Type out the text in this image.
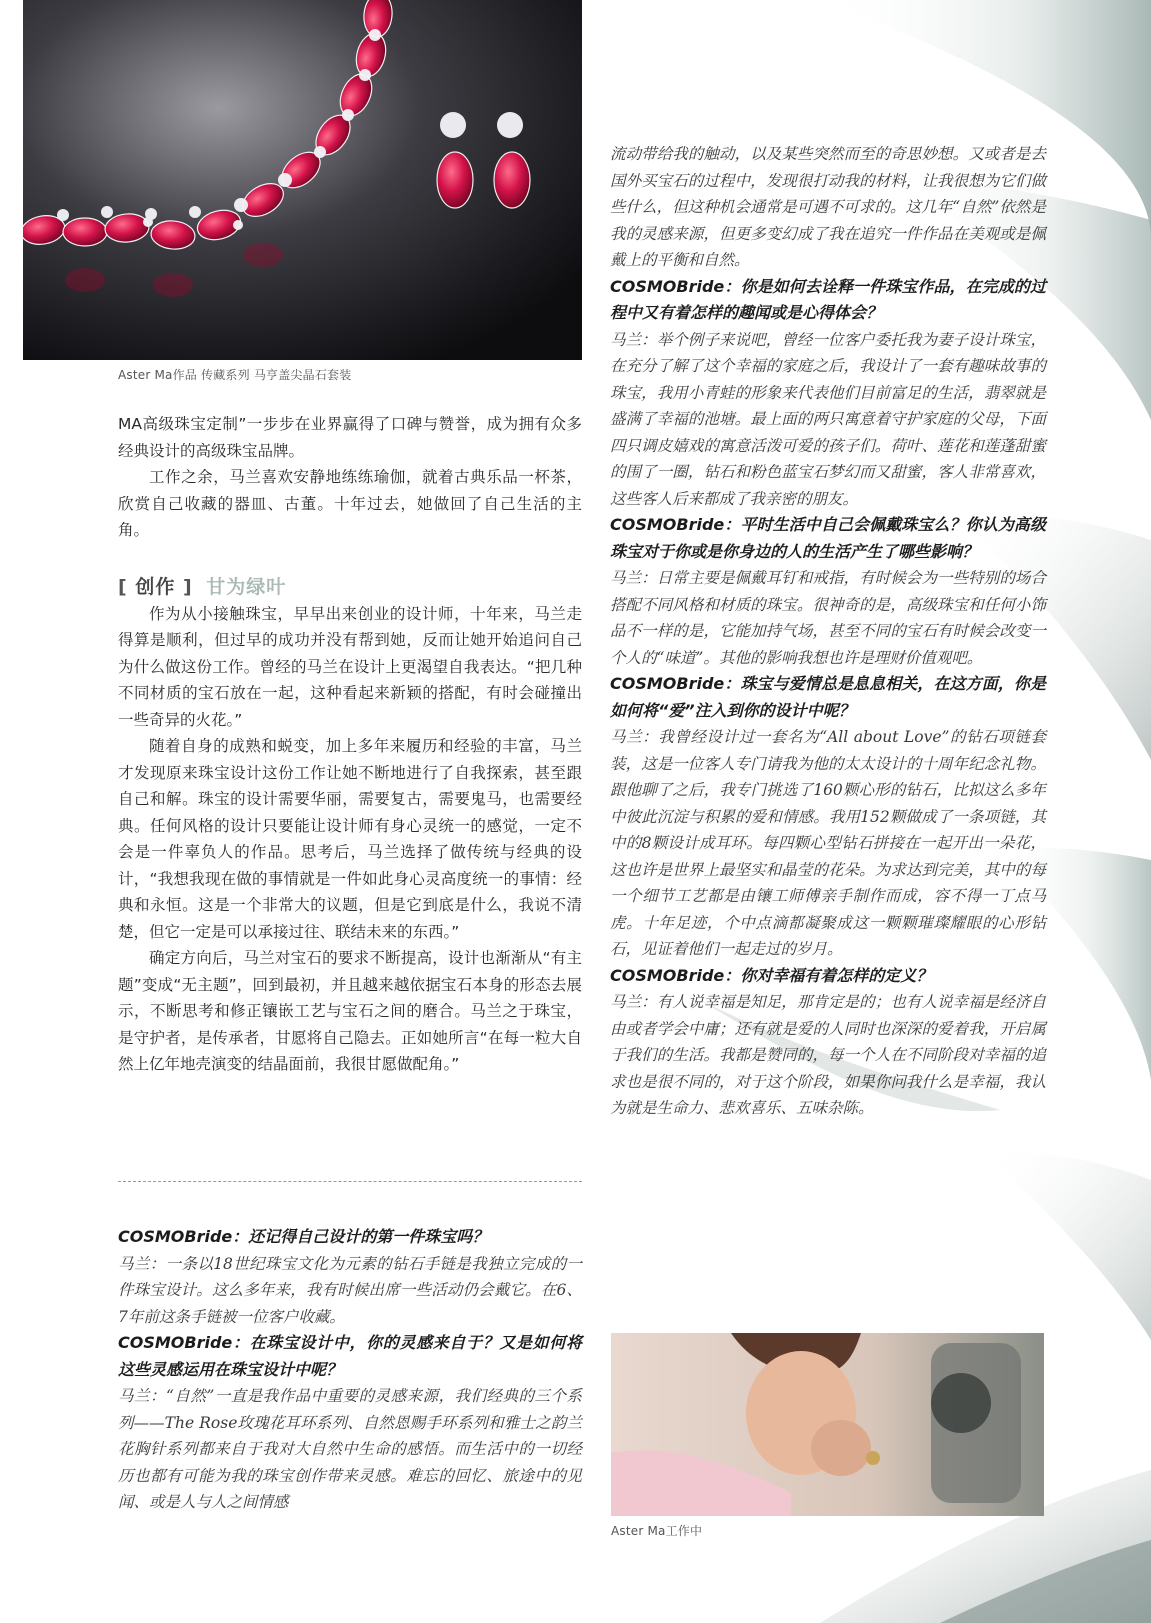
Aster Ma作品 传藏系列 马亨盖尖晶石套装

MA高级珠宝定制”一步步在业界赢得了口碑与赞誉，成为拥有众多经典设计的高级珠宝品牌。

工作之余，马兰喜欢安静地练练瑜伽，就着古典乐品一杯茶，欣赏自己收藏的器皿、古董。十年过去，她做回了自己生活的主角。

[ 创作 ] 甘为绿叶

作为从小接触珠宝，早早出来创业的设计师，十年来，马兰走得算是顺利，但过早的成功并没有帮到她，反而让她开始追问自己为什么做这份工作。曾经的马兰在设计上更渴望自我表达。“把几种不同材质的宝石放在一起，这种看起来新颖的搭配，有时会碰撞出一些奇异的火花。”

随着自身的成熟和蜕变，加上多年来履历和经验的丰富，马兰才发现原来珠宝设计这份工作让她不断地进行了自我探索，甚至跟自己和解。珠宝的设计需要华丽，需要复古，需要鬼马，也需要经典。任何风格的设计只要能让设计师有身心灵统一的感觉，一定不会是一件辜负人的作品。思考后，马兰选择了做传统与经典的设计，“我想我现在做的事情就是一件如此身心灵高度统一的事情：经典和永恒。这是一个非常大的议题，但是它到底是什么，我说不清楚，但它一定是可以承接过往、联结未来的东西。”

确定方向后，马兰对宝石的要求不断提高，设计也渐渐从“有主题”变成“无主题”，回到最初，并且越来越依据宝石本身的形态去展示，不断思考和修正镶嵌工艺与宝石之间的磨合。马兰之于珠宝，是守护者，是传承者，甘愿将自己隐去。正如她所言“在每一粒大自然上亿年地壳演变的结晶面前，我很甘愿做配角。”

COSMOBride：还记得自己设计的第一件珠宝吗？

马兰：一条以18世纪珠宝文化为元素的钻石手链是我独立完成的一件珠宝设计。这么多年来，我有时候出席一些活动仍会戴它。在6、7年前这条手链被一位客户收藏。

COSMOBride：在珠宝设计中，你的灵感来自于？又是如何将这些灵感运用在珠宝设计中呢？

马兰：“自然”一直是我作品中重要的灵感来源，我们经典的三个系列——The Rose玫瑰花耳环系列、自然恩赐手环系列和雅士之韵兰花胸针系列都来自于我对大自然中生命的感悟。而生活中的一切经历也都有可能为我的珠宝创作带来灵感。难忘的回忆、旅途中的见闻、或是人与人之间情感

流动带给我的触动，以及某些突然而至的奇思妙想。又或者是去国外买宝石的过程中，发现很打动我的材料，让我很想为它们做些什么，但这种机会通常是可遇不可求的。这几年“自然”依然是我的灵感来源，但更多变幻成了我在追究一件作品在美观或是佩戴上的平衡和自然。

COSMOBride：你是如何去诠释一件珠宝作品，在完成的过程中又有着怎样的趣闻或是心得体会？

马兰：举个例子来说吧，曾经一位客户委托我为妻子设计珠宝，在充分了解了这个幸福的家庭之后，我设计了一套有趣味故事的珠宝，我用小青蛙的形象来代表他们目前富足的生活，翡翠就是盛满了幸福的池塘。最上面的两只寓意着守护家庭的父母，下面四只调皮嬉戏的寓意活泼可爱的孩子们。荷叶、莲花和莲蓬甜蜜的围了一圈，钻石和粉色蓝宝石梦幻而又甜蜜，客人非常喜欢，这些客人后来都成了我亲密的朋友。

COSMOBride：平时生活中自己会佩戴珠宝么？你认为高级珠宝对于你或是你身边的人的生活产生了哪些影响？

马兰：日常主要是佩戴耳钉和戒指，有时候会为一些特别的场合搭配不同风格和材质的珠宝。很神奇的是，高级珠宝和任何小饰品不一样的是，它能加持气场，甚至不同的宝石有时候会改变一个人的“味道”。其他的影响我想也许是理财价值观吧。

COSMOBride：珠宝与爱情总是息息相关，在这方面，你是如何将“爱”注入到你的设计中呢？

马兰：我曾经设计过一套名为“All about Love”的钻石项链套装，这是一位客人专门请我为他的太太设计的十周年纪念礼物。跟他聊了之后，我专门挑选了160颗心形的钻石，比拟这么多年中彼此沉淀与积累的爱和情感。我用152颗做成了一条项链，其中的8颗设计成耳环。每四颗心型钻石拼接在一起开出一朵花，这也许是世界上最坚实和晶莹的花朵。为求达到完美，其中的每一个细节工艺都是由镶工师傅亲手制作而成，容不得一丁点马虎。十年足迹，个中点滴都凝聚成这一颗颗璀璨耀眼的心形钻石，见证着他们一起走过的岁月。

COSMOBride：你对幸福有着怎样的定义？

马兰：有人说幸福是知足，那肯定是的；也有人说幸福是经济自由或者学会中庸；还有就是爱的人同时也深深的爱着我，开启属于我们的生活。我都是赞同的，每一个人在不同阶段对幸福的追求也是很不同的，对于这个阶段，如果你问我什么是幸福，我认为就是生命力、悲欢喜乐、五味杂陈。

Aster Ma工作中
